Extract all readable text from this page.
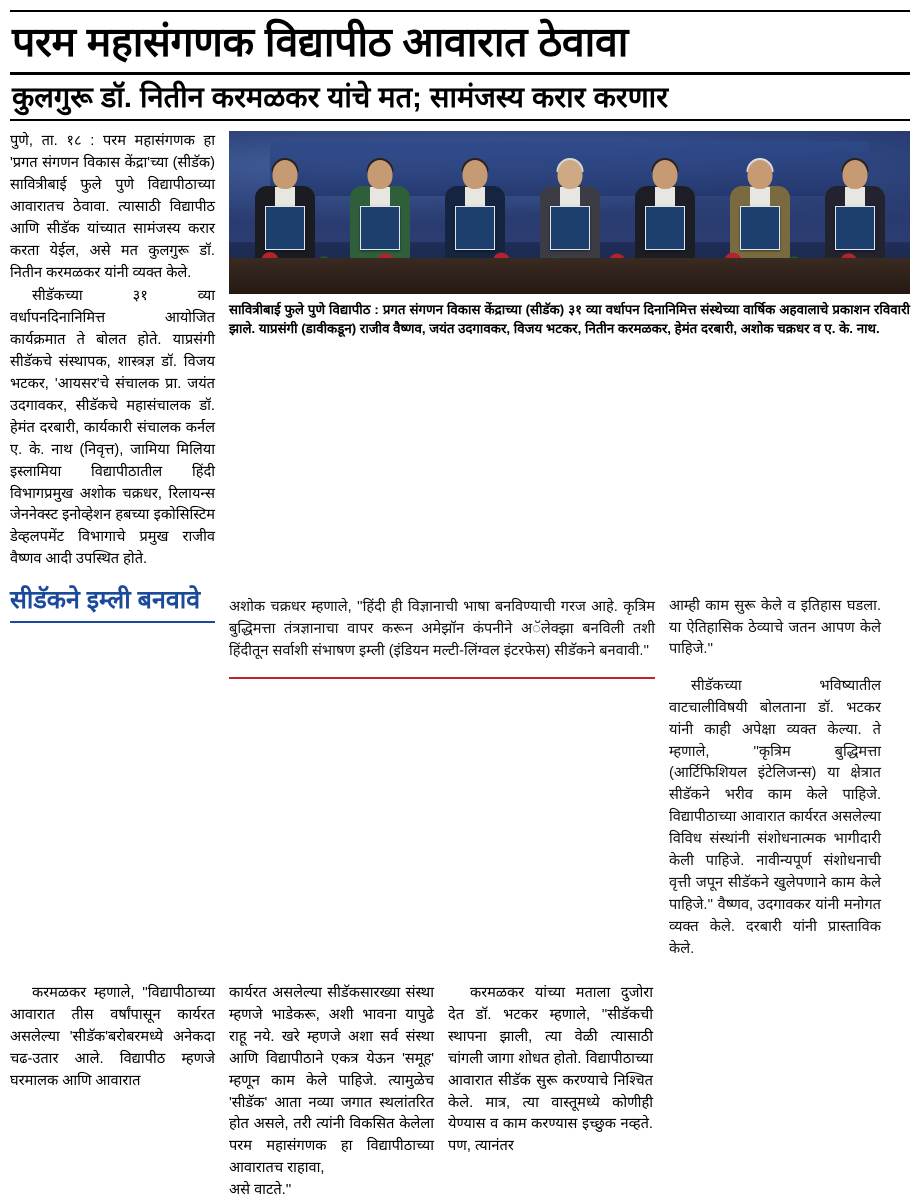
परम महासंगणक विद्यापीठ आवारात ठेवावा
कुलगुरू डॉ. नितीन करमळकर यांचे मत; सामंजस्य करार करणार

पुणे, ता. १८ : परम महासंगणक हा 'प्रगत संगणन विकास केंद्रा'च्या (सीडॅक) सावित्रीबाई फुले पुणे विद्यापीठाच्या आवारातच ठेवावा. त्यासाठी विद्यापीठ आणि सीडॅक यांच्यात सामंजस्य करार करता येईल, असे मत कुलगुरू डॉ. नितीन करमळकर यांनी व्यक्त केले.

सीडॅकच्या ३१ व्या वर्धापनदिनानिमित्त आयोजित कार्यक्रमात ते बोलत होते. याप्रसंगी सीडॅकचे संस्थापक, शास्त्रज्ञ डॉ. विजय भटकर, 'आयसर'चे संचालक प्रा. जयंत उदगावकर, सीडॅकचे महासंचालक डॉ. हेमंत दरबारी, कार्यकारी संचालक कर्नल ए. के. नाथ (निवृत्त), जामिया मिलिया इस्लामिया विद्यापीठातील हिंदी विभागप्रमुख अशोक चक्रधर, रिलायन्स जेननेक्स्ट इनोव्हेशन हबच्या इकोसिस्टिम डेव्हलपमेंट विभागाचे प्रमुख राजीव वैष्णव आदी उपस्थित होते.

सावित्रीबाई फुले पुणे विद्यापीठ : प्रगत संगणन विकास केंद्राच्या (सीडॅक) ३१ व्या वर्धापन दिनानिमित्त संस्थेच्या वार्षिक अहवालाचे प्रकाशन रविवारी झाले. याप्रसंगी (डावीकडून) राजीव वैष्णव, जयंत उदगावकर, विजय भटकर, नितीन करमळकर, हेमंत दरबारी, अशोक चक्रधर व ए. के. नाथ.
सीडॅकने इम्ली बनवावे	अशोक चक्रधर म्हणाले, ''हिंदी ही विज्ञानाची भाषा बनविण्याची गरज आहे. कृत्रिम बुद्धिमत्ता तंत्रज्ञानाचा वापर करून अमेझॉन कंपनीने अॅलेक्झा बनविली तशी हिंदीतून सर्वाशी संभाषण इम्ली (इंडियन मल्टी-लिंग्वल इंटरफेस) सीडॅकने बनवावी.''

आम्ही काम सुरू केले व इतिहास घडला. या ऐतिहासिक ठेव्याचे जतन आपण केले पाहिजे.''

सीडॅकच्या भविष्यातील वाटचालीविषयी बोलताना डॉ. भटकर यांनी काही अपेक्षा व्यक्त केल्या. ते म्हणाले, ''कृत्रिम बुद्धिमत्ता (आर्टिफिशियल इंटेलिजन्स) या क्षेत्रात सीडॅकने भरीव काम केले पाहिजे. विद्यापीठाच्या आवारात कार्यरत असलेल्या विविध संस्थांनी संशोधनात्मक भागीदारी केली पाहिजे. नावीन्यपूर्ण संशोधनाची वृत्ती जपून सीडॅकने खुलेपणाने काम केले पाहिजे.'' वैष्णव, उदगावकर यांनी मनोगत व्यक्त केले. दरबारी यांनी प्रास्ताविक केले.

करमळकर म्हणाले, ''विद्यापीठाच्या आवारात तीस वर्षांपासून कार्यरत असलेल्या 'सीडॅक'बरोबरमध्ये अनेकदा चढ-उतार आले. विद्यापीठ म्हणजे घरमालक आणि आवारात

कार्यरत असलेल्या सीडॅकसारख्या संस्था म्हणजे भाडेकरू, अशी भावना यापुढे राहू नये. खरे म्हणजे अशा सर्व संस्था आणि विद्यापीठाने एकत्र येऊन 'समूह' म्हणून काम केले पाहिजे. त्यामुळेच 'सीडॅक' आता नव्या जगात स्थलांतरित होत असले, तरी त्यांनी विकसित केलेला परम महासंगणक हा विद्यापीठाच्या आवारातच राहावा,

असे वाटते.''

करमळकर यांच्या मताला दुजोरा देत डॉ. भटकर म्हणाले, ''सीडॅकची स्थापना झाली, त्या वेळी त्यासाठी चांगली जागा शोधत होतो. विद्यापीठाच्या आवारात सीडॅक सुरू करण्याचे निश्चित केले. मात्र, त्या वास्तूमध्ये कोणीही येण्यास व काम करण्यास इच्छुक नव्हते. पण, त्यानंतर
